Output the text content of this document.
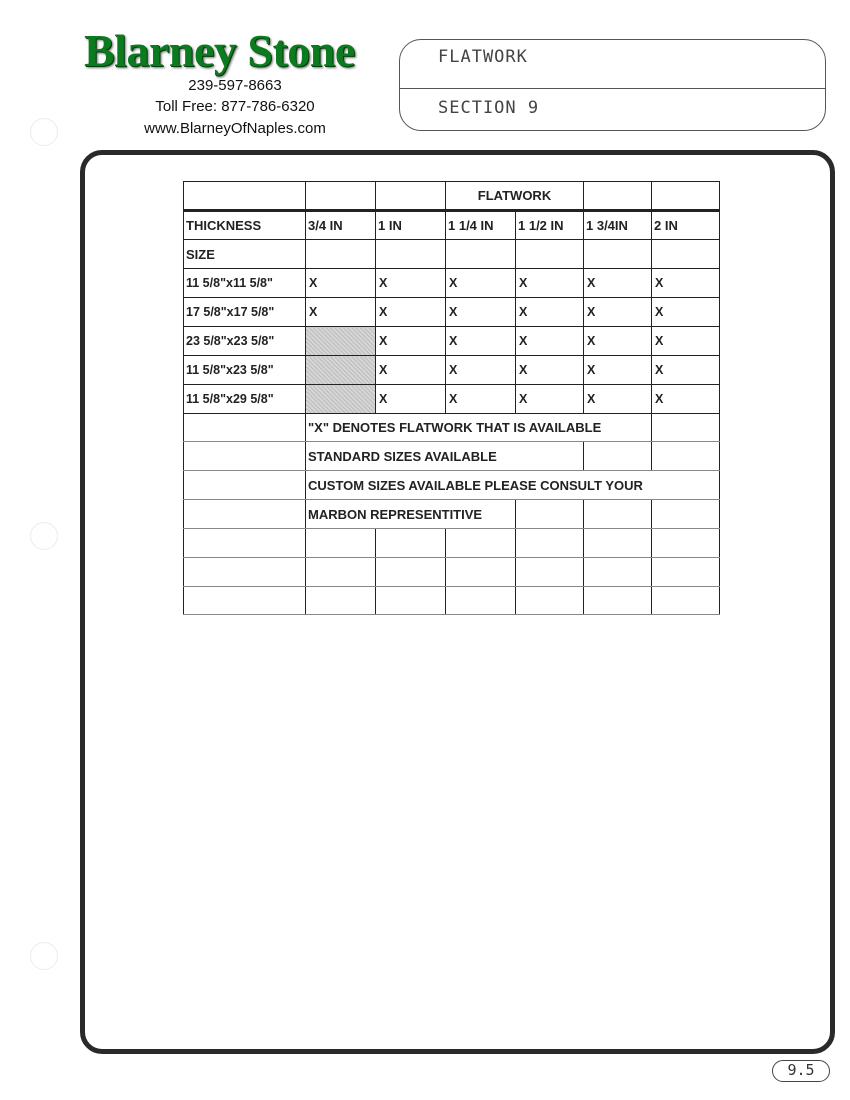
Blarney Stone
239-597-8663
Toll Free: 877-786-6320
www.BlarneyOfNaples.com
FLATWORK
SECTION 9
			FLATWORK			
THICKNESS	3/4 IN	1 IN	1 1/4 IN	1 1/2 IN	1 3/4IN	2 IN
SIZE						
11 5/8"x11 5/8"	X	X	X	X	X	X
17 5/8"x17 5/8"	X	X	X	X	X	X
23 5/8"x23 5/8"		X	X	X	X	X
11 5/8"x23 5/8"		X	X	X	X	X
11 5/8"x29 5/8"		X	X	X	X	X
	"X" DENOTES FLATWORK THAT IS AVAILABLE					
	STANDARD SIZES AVAILABLE					
	CUSTOM SIZES AVAILABLE PLEASE CONSULT YOUR					
	MARBON REPRESENTITIVE					

9.5
